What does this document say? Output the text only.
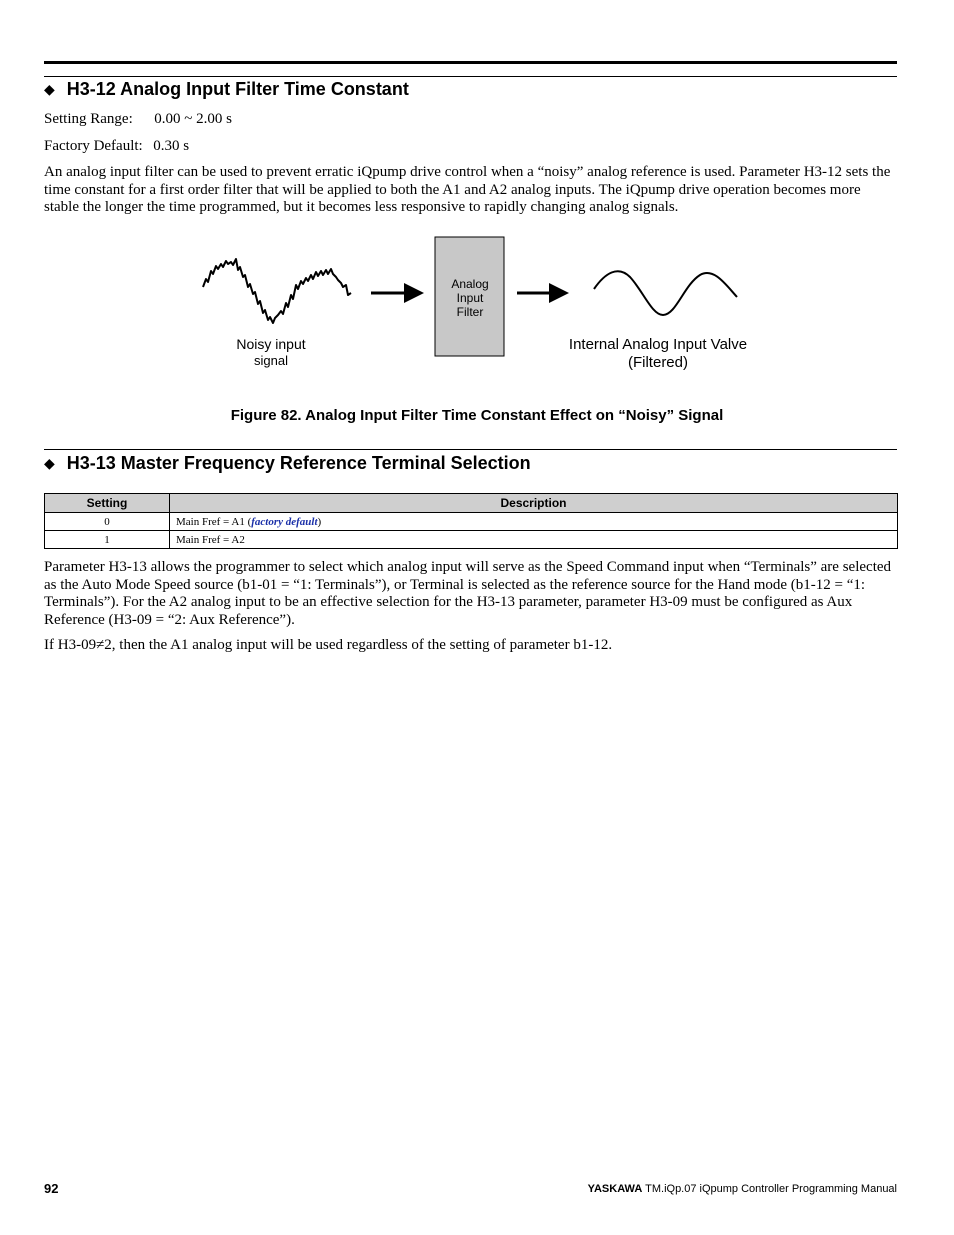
◆ H3-12 Analog Input Filter Time Constant
Setting Range: 0.00 ~ 2.00 s
Factory Default: 0.30 s
An analog input filter can be used to prevent erratic iQpump drive control when a “noisy” analog reference is used. Parameter H3-12 sets the time constant for a first order filter that will be applied to both the A1 and A2 analog inputs. The iQpump drive operation becomes more stable the longer the time programmed, but it becomes less responsive to rapidly changing analog signals.
Analog
Input
Filter
Noisy input
signal
Internal Analog Input Valve
(Filtered)
Figure 82. Analog Input Filter Time Constant Effect on “Noisy” Signal
◆ H3-13 Master Frequency Reference Terminal Selection
Setting	Description
0	Main Fref = A1 (factory default)
1	Main Fref = A2
Parameter H3-13 allows the programmer to select which analog input will serve as the Speed Command input when “Terminals” are selected as the Auto Mode Speed source (b1-01 = “1: Terminals”), or Terminal is selected as the reference source for the Hand mode (b1-12 = “1: Terminals”). For the A2 analog input to be an effective selection for the H3-13 parameter, parameter H3-09 must be configured as Aux Reference (H3-09 = “2: Aux Reference”).
If H3-09≠2, then the A1 analog input will be used regardless of the setting of parameter b1-12.
92	YASKAWA TM.iQp.07 iQpump Controller Programming Manual
